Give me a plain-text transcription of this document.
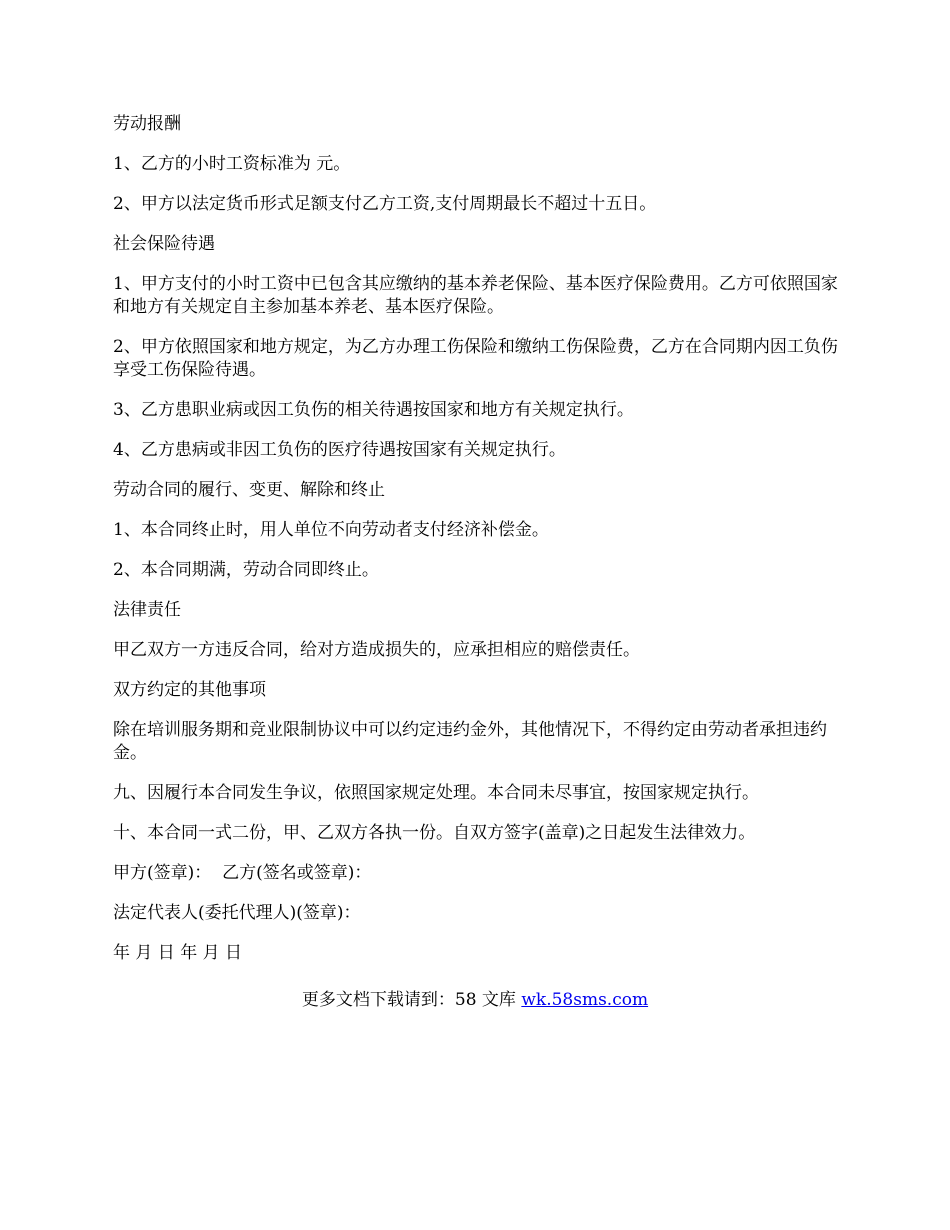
劳动报酬

1、乙方的小时工资标准为 元。

2、甲方以法定货币形式足额支付乙方工资,支付周期最长不超过十五日。

社会保险待遇

1、甲方支付的小时工资中已包含其应缴纳的基本养老保险、基本医疗保险费用。乙方可依照国家和地方有关规定自主参加基本养老、基本医疗保险。

2、甲方依照国家和地方规定，为乙方办理工伤保险和缴纳工伤保险费，乙方在合同期内因工负伤享受工伤保险待遇。

3、乙方患职业病或因工负伤的相关待遇按国家和地方有关规定执行。

4、乙方患病或非因工负伤的医疗待遇按国家有关规定执行。

劳动合同的履行、变更、解除和终止

1、本合同终止时，用人单位不向劳动者支付经济补偿金。

2、本合同期满，劳动合同即终止。

法律责任

甲乙双方一方违反合同，给对方造成损失的，应承担相应的赔偿责任。

双方约定的其他事项

除在培训服务期和竞业限制协议中可以约定违约金外，其他情况下，不得约定由劳动者承担违约金。

九、因履行本合同发生争议，依照国家规定处理。本合同未尽事宜，按国家规定执行。

十、本合同一式二份，甲、乙双方各执一份。自双方签字(盖章)之日起发生法律效力。

甲方(签章)：  乙方(签名或签章)：

法定代表人(委托代理人)(签章)：

年 月 日 年 月 日

更多文档下载请到：58 文库 wk.58sms.com
